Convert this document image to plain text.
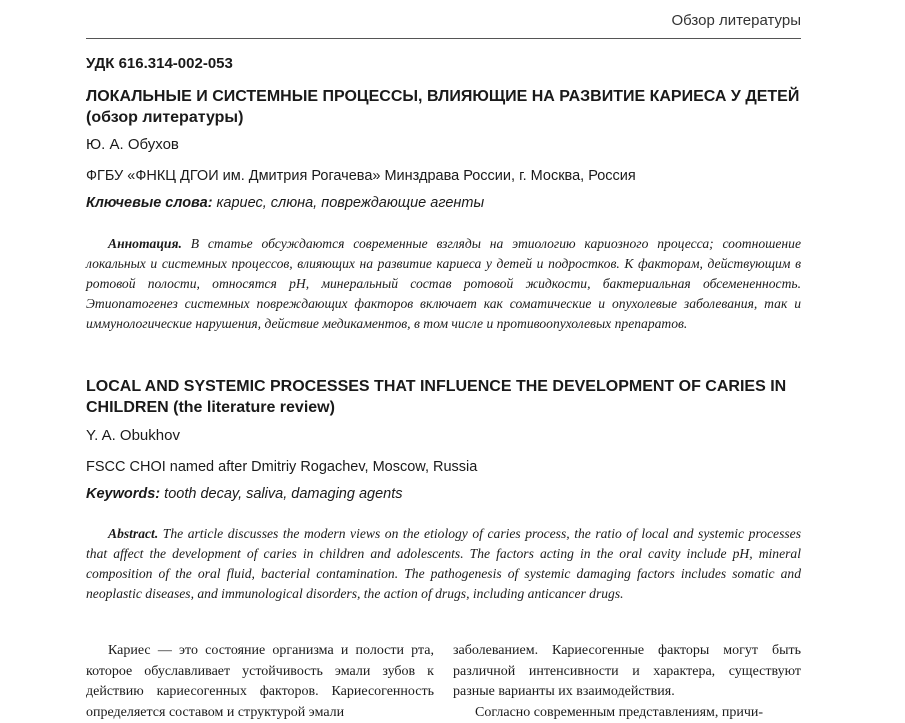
Обзор литературы
УДК 616.314-002-053
ЛОКАЛЬНЫЕ И СИСТЕМНЫЕ ПРОЦЕССЫ, ВЛИЯЮЩИЕ НА РАЗВИТИЕ КАРИЕСА У ДЕТЕЙ (обзор литературы)
Ю. А. Обухов
ФГБУ «ФНКЦ ДГОИ им. Дмитрия Рогачева» Минздрава России, г. Москва, Россия
Ключевые слова: кариес, слюна, повреждающие агенты

Аннотация. В статье обсуждаются современные взгляды на этиологию кариозного процесса; соотношение локальных и системных процессов, влияющих на развитие кариеса у детей и подростков. К факторам, действующим в ротовой полости, относятся pH, минеральный состав ротовой жидкости, бактериальная обсемененность. Этиопатогенез системных повреждающих факторов включает как соматические и опухолевые заболевания, так и иммунологические нарушения, действие медикаментов, в том числе и противоопухолевых препаратов.

LOCAL AND SYSTEMIC PROCESSES THAT INFLUENCE THE DEVELOPMENT OF CARIES IN CHILDREN (the literature review)
Y. A. Obukhov
FSCC CHOI named after Dmitriy Rogachev, Moscow, Russia
Keywords: tooth decay, saliva, damaging agents

Abstract. The article discusses the modern views on the etiology of caries process, the ratio of local and systemic processes that affect the development of caries in children and adolescents. The factors acting in the oral cavity include pH, mineral composition of the oral fluid, bacterial contamination. The pathogenesis of systemic damaging factors includes somatic and neoplastic diseases, and immunological disorders, the action of drugs, including anticancer drugs.

Кариес — это состояние организма и полости рта, которое обуславливает устойчивость эмали зубов к действию кариесогенных факторов. Кариесогенность определяется составом и структурой эмали

заболеванием. Кариесогенные факторы могут быть различной интенсивности и характера, существуют разные варианты их взаимодействия.
Согласно современным представлениям, причи-
